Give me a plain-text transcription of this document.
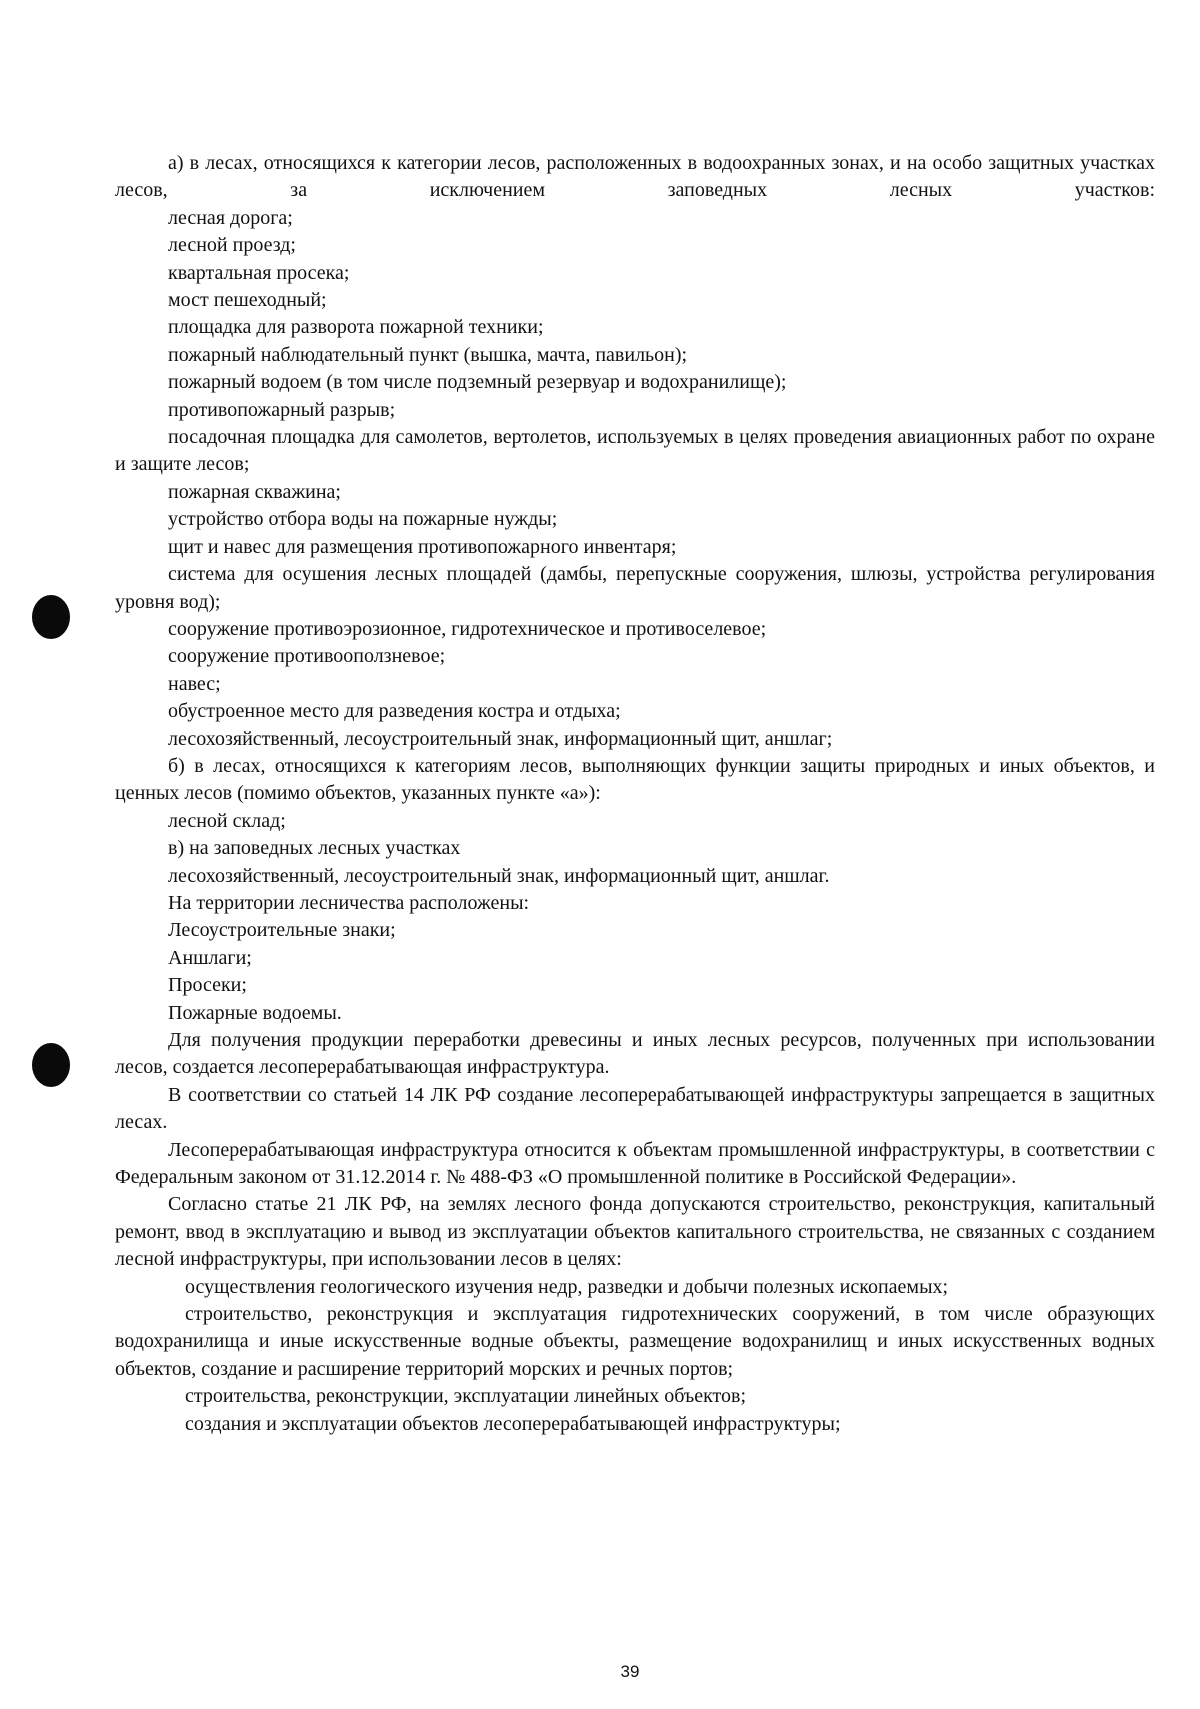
а) в лесах, относящихся к категории лесов, расположенных в водоохранных зонах, и на особо защитных участках лесов, за исключением заповедных лесных участков:

лесная дорога;

лесной проезд;

квартальная просека;

мост пешеходный;

площадка для разворота пожарной техники;

пожарный наблюдательный пункт (вышка, мачта, павильон);

пожарный водоем (в том числе подземный резервуар и водохранилище);

противопожарный разрыв;

посадочная площадка для самолетов, вертолетов, используемых в целях проведения авиационных работ по охране и защите лесов;

пожарная скважина;

устройство отбора воды на пожарные нужды;

щит и навес для размещения противопожарного инвентаря;

система для осушения лесных площадей (дамбы, перепускные сооружения, шлюзы, устройства регулирования уровня вод);

сооружение противоэрозионное, гидротехническое и противоселевое;

сооружение противооползневое;

навес;

обустроенное место для разведения костра и отдыха;

лесохозяйственный, лесоустроительный знак, информационный щит, аншлаг;

б) в лесах, относящихся к категориям лесов, выполняющих функции защиты природных и иных объектов, и ценных лесов (помимо объектов, указанных пункте «а»):

лесной склад;

в) на заповедных лесных участках

лесохозяйственный, лесоустроительный знак, информационный щит, аншлаг.

На территории лесничества расположены:

Лесоустроительные знаки;

Аншлаги;

Просеки;

Пожарные водоемы.

Для получения продукции переработки древесины и иных лесных ресурсов, полученных при использовании лесов, создается лесоперерабатывающая инфраструктура.

В соответствии со статьей 14 ЛК РФ создание лесоперерабатывающей инфраструктуры запрещается в защитных лесах.

Лесоперерабатывающая инфраструктура относится к объектам промышленной инфраструктуры, в соответствии с Федеральным законом от 31.12.2014 г. № 488-ФЗ «О промышленной политике в Российской Федерации».

Согласно статье 21 ЛК РФ, на землях лесного фонда допускаются строительство, реконструкция, капитальный ремонт, ввод в эксплуатацию и вывод из эксплуатации объектов капитального строительства, не связанных с созданием лесной инфраструктуры, при использовании лесов в целях:

осуществления геологического изучения недр, разведки и добычи полезных ископаемых;

строительство, реконструкция и эксплуатация гидротехнических сооружений, в том числе образующих водохранилища и иные искусственные водные объекты, размещение водохранилищ и иных искусственных водных объектов, создание и расширение территорий морских и речных портов;

строительства, реконструкции, эксплуатации линейных объектов;

создания и эксплуатации объектов лесоперерабатывающей инфраструктуры;

39
